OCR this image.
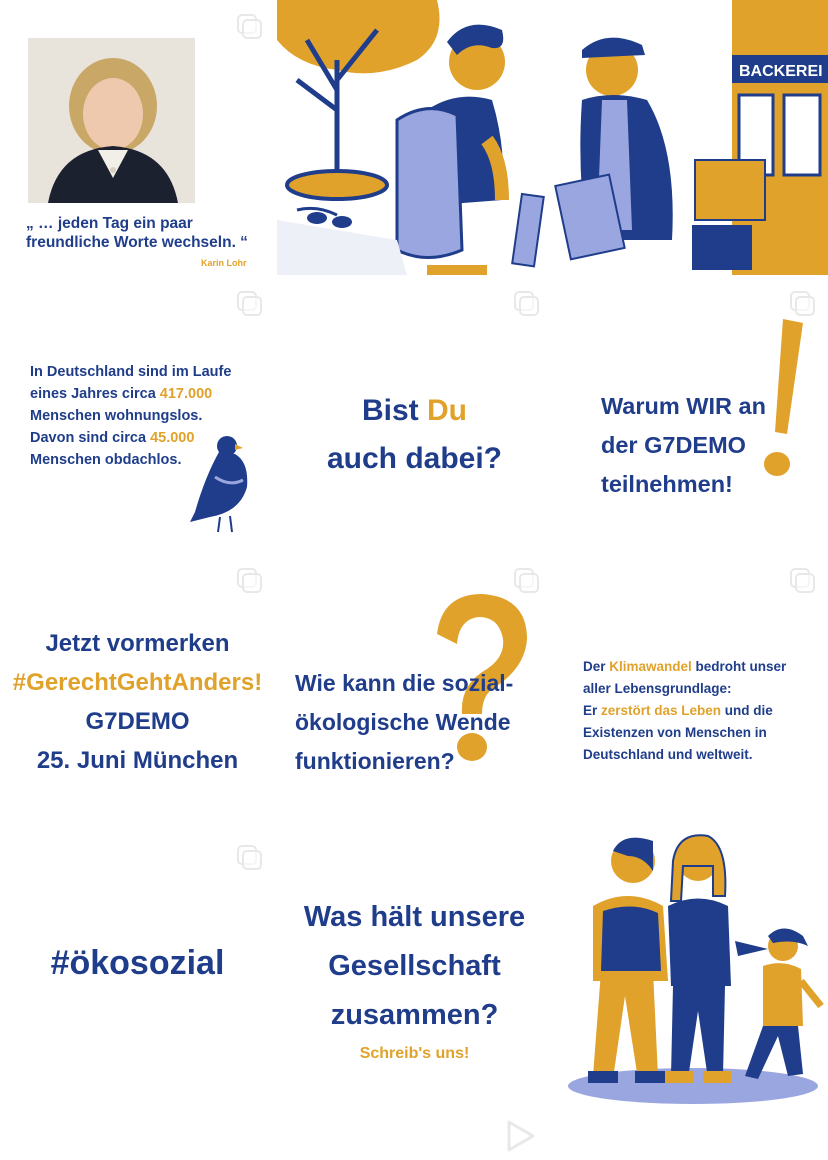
„ … jeden Tag ein paar freundliche Worte wechseln. “
Karin Lohr
BACKEREI
In Deutschland sind im Laufe
eines Jahres circa 417.000
Menschen wohnungslos.
Davon sind circa 45.000
Menschen obdachlos.
Bist Du
auch dabei?
Warum WIR an
der G7DEMO
teilnehmen!
Jetzt vormerken
#GerechtGehtAnders!
G7DEMO
25. Juni München
Wie kann die sozial-
ökologische Wende
funktionieren?
Der Klimawandel bedroht unser
aller Lebensgrundlage:
Er zerstört das Leben und die
Existenzen von Menschen in
Deutschland und weltweit.
#ökosozial
Was hält unsere
Gesellschaft
zusammen?
Schreib's uns!
